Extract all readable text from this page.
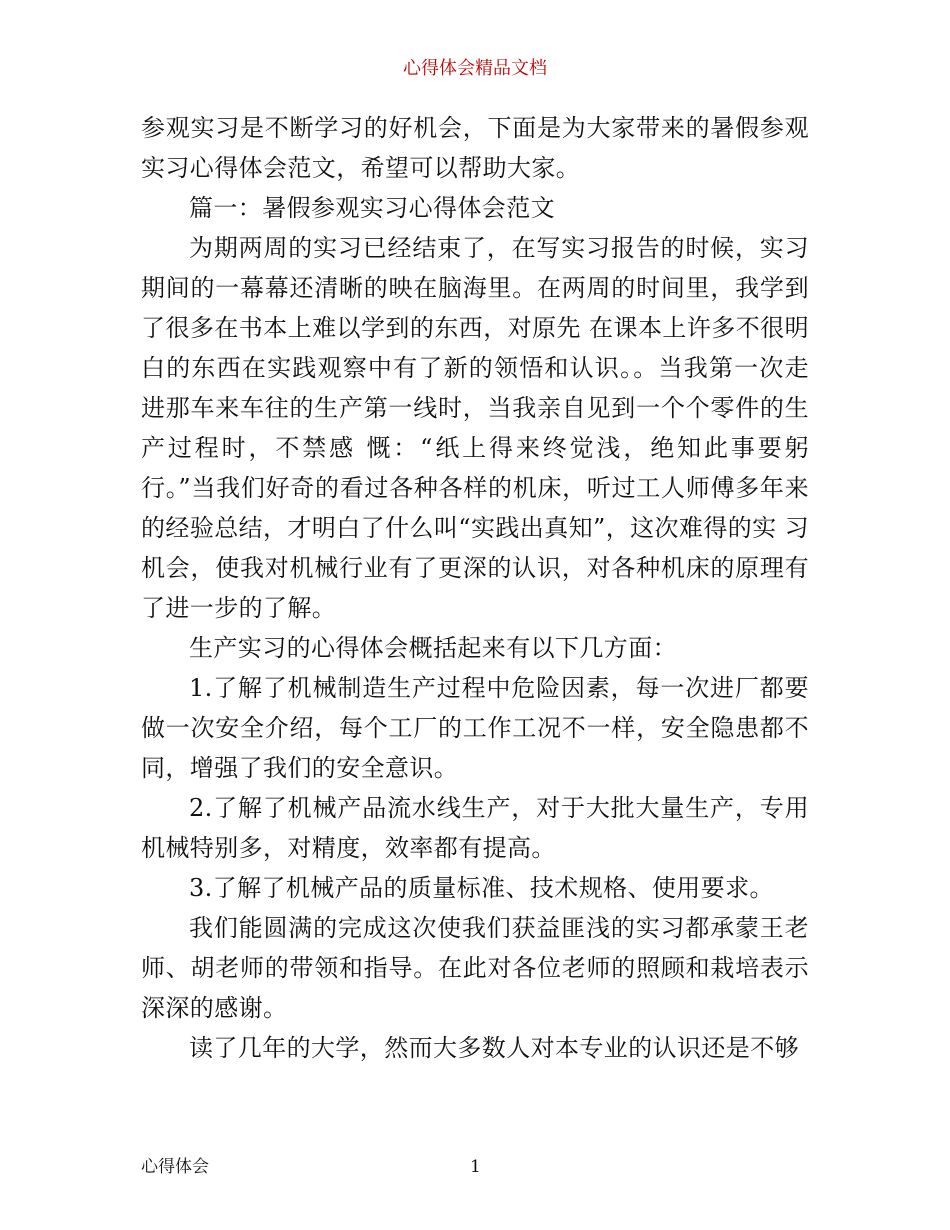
心得体会精品文档

参观实习是不断学习的好机会，下面是为大家带来的暑假参观实习心得体会范文，希望可以帮助大家。

篇一：暑假参观实习心得体会范文

为期两周的实习已经结束了，在写实习报告的时候，实习期间的一幕幕还清晰的映在脑海里。在两周的时间里，我学到了很多在书本上难以学到的东西，对原先 在课本上许多不很明白的东西在实践观察中有了新的领悟和认识。。当我第一次走进那车来车往的生产第一线时，当我亲自见到一个个零件的生产过程时，不禁感 慨：“纸上得来终觉浅，绝知此事要躬行。”当我们好奇的看过各种各样的机床，听过工人师傅多年来的经验总结，才明白了什么叫“实践出真知”，这次难得的实 习机会，使我对机械行业有了更深的认识，对各种机床的原理有了进一步的了解。

生产实习的心得体会概括起来有以下几方面：

1.了解了机械制造生产过程中危险因素，每一次进厂都要做一次安全介绍，每个工厂的工作工况不一样，安全隐患都不同，增强了我们的安全意识。

2.了解了机械产品流水线生产，对于大批大量生产，专用机械特别多，对精度，效率都有提高。

3.了解了机械产品的质量标准、技术规格、使用要求。

我们能圆满的完成这次使我们获益匪浅的实习都承蒙王老师、胡老师的带领和指导。在此对各位老师的照顾和栽培表示深深的感谢。

读了几年的大学，然而大多数人对本专业的认识还是不够

心得体会	1
